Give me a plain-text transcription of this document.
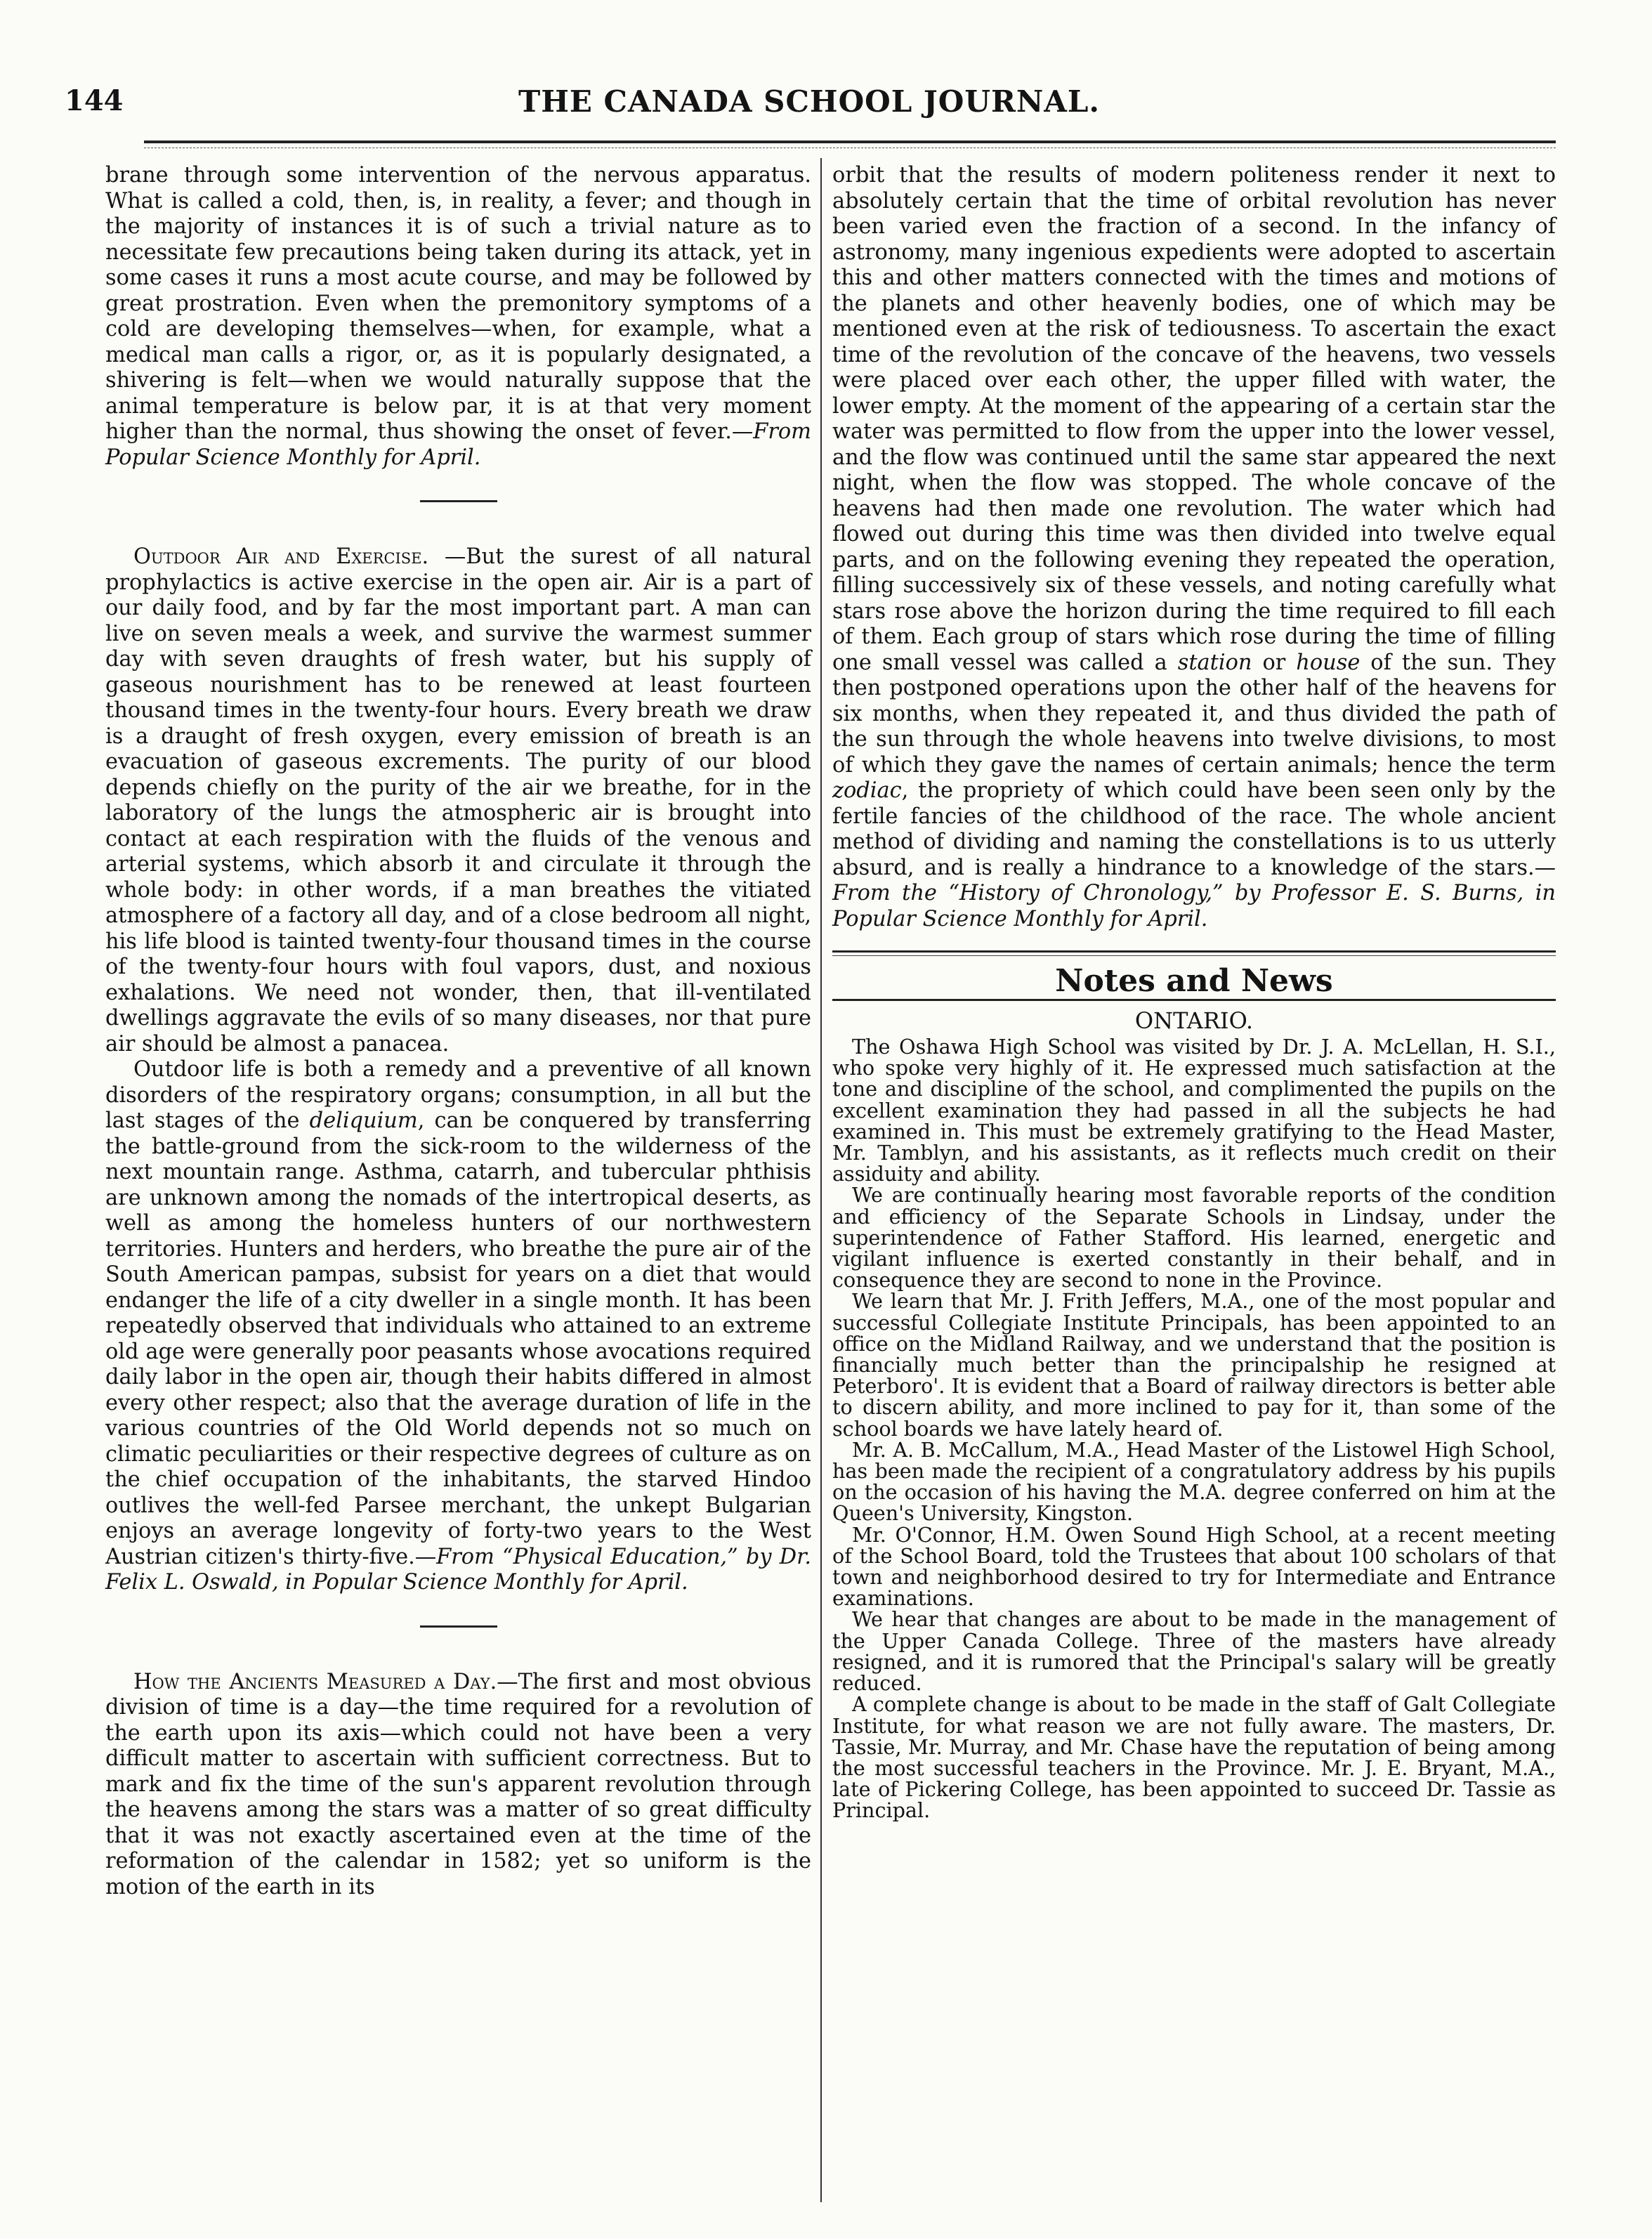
144	THE CANADA SCHOOL JOURNAL.

brane through some intervention of the nervous apparatus. What is called a cold, then, is, in reality, a fever; and though in the majority of instances it is of such a trivial nature as to necessitate few precautions being taken during its attack, yet in some cases it runs a most acute course, and may be followed by great prostration. Even when the premonitory symptoms of a cold are developing themselves—when, for example, what a medical man calls a rigor, or, as it is popularly designated, a shivering is felt—when we would naturally suppose that the animal temperature is below par, it is at that very moment higher than the normal, thus showing the onset of fever.—From Popular Science Monthly for April.

Outdoor Air and Exercise. —But the surest of all natural prophylactics is active exercise in the open air. Air is a part of our daily food, and by far the most important part. A man can live on seven meals a week, and survive the warmest summer day with seven draughts of fresh water, but his supply of gaseous nourishment has to be renewed at least fourteen thousand times in the twenty-four hours. Every breath we draw is a draught of fresh oxygen, every emission of breath is an evacuation of gaseous excrements. The purity of our blood depends chiefly on the purity of the air we breathe, for in the laboratory of the lungs the atmospheric air is brought into contact at each respiration with the fluids of the venous and arterial systems, which absorb it and circulate it through the whole body: in other words, if a man breathes the vitiated atmosphere of a factory all day, and of a close bedroom all night, his life blood is tainted twenty-four thousand times in the course of the twenty-four hours with foul vapors, dust, and noxious exhalations. We need not wonder, then, that ill-ventilated dwellings aggravate the evils of so many diseases, nor that pure air should be almost a panacea.

Outdoor life is both a remedy and a preventive of all known disorders of the respiratory organs; consumption, in all but the last stages of the deliquium, can be conquered by transferring the battle-ground from the sick-room to the wilderness of the next mountain range. Asthma, catarrh, and tubercular phthisis are unknown among the nomads of the intertropical deserts, as well as among the homeless hunters of our northwestern territories. Hunters and herders, who breathe the pure air of the South American pampas, subsist for years on a diet that would endanger the life of a city dweller in a single month. It has been repeatedly observed that individuals who attained to an extreme old age were generally poor peasants whose avocations required daily labor in the open air, though their habits differed in almost every other respect; also that the average duration of life in the various countries of the Old World depends not so much on climatic peculiarities or their respective degrees of culture as on the chief occupation of the inhabitants, the starved Hindoo outlives the well-fed Parsee merchant, the unkept Bulgarian enjoys an average longevity of forty-two years to the West Austrian citizen's thirty-five.—From “Physical Education,” by Dr. Felix L. Oswald, in Popular Science Monthly for April.

How the Ancients Measured a Day.—The first and most obvious division of time is a day—the time required for a revolution of the earth upon its axis—which could not have been a very difficult matter to ascertain with sufficient correctness. But to mark and fix the time of the sun's apparent revolution through the heavens among the stars was a matter of so great difficulty that it was not exactly ascertained even at the time of the reformation of the calendar in 1582; yet so uniform is the motion of the earth in its

orbit that the results of modern politeness render it next to absolutely certain that the time of orbital revolution has never been varied even the fraction of a second. In the infancy of astronomy, many ingenious expedients were adopted to ascertain this and other matters connected with the times and motions of the planets and other heavenly bodies, one of which may be mentioned even at the risk of tediousness. To ascertain the exact time of the revolution of the concave of the heavens, two vessels were placed over each other, the upper filled with water, the lower empty. At the moment of the appearing of a certain star the water was permitted to flow from the upper into the lower vessel, and the flow was continued until the same star appeared the next night, when the flow was stopped. The whole concave of the heavens had then made one revolution. The water which had flowed out during this time was then divided into twelve equal parts, and on the following evening they repeated the operation, filling successively six of these vessels, and noting carefully what stars rose above the horizon during the time required to fill each of them. Each group of stars which rose during the time of filling one small vessel was called a station or house of the sun. They then postponed operations upon the other half of the heavens for six months, when they repeated it, and thus divided the path of the sun through the whole heavens into twelve divisions, to most of which they gave the names of certain animals; hence the term zodiac, the propriety of which could have been seen only by the fertile fancies of the childhood of the race. The whole ancient method of dividing and naming the constellations is to us utterly absurd, and is really a hindrance to a knowledge of the stars.—From the “History of Chronology,” by Professor E. S. Burns, in Popular Science Monthly for April.

Notes and News
ONTARIO.

The Oshawa High School was visited by Dr. J. A. McLellan, H. S.I., who spoke very highly of it. He expressed much satisfaction at the tone and discipline of the school, and complimented the pupils on the excellent examination they had passed in all the subjects he had examined in. This must be extremely gratifying to the Head Master, Mr. Tamblyn, and his assistants, as it reflects much credit on their assiduity and ability.

We are continually hearing most favorable reports of the condition and efficiency of the Separate Schools in Lindsay, under the superintendence of Father Stafford. His learned, energetic and vigilant influence is exerted constantly in their behalf, and in consequence they are second to none in the Province.

We learn that Mr. J. Frith Jeffers, M.A., one of the most popular and successful Collegiate Institute Principals, has been appointed to an office on the Midland Railway, and we understand that the position is financially much better than the principalship he resigned at Peterboro'. It is evident that a Board of railway directors is better able to discern ability, and more inclined to pay for it, than some of the school boards we have lately heard of.

Mr. A. B. McCallum, M.A., Head Master of the Listowel High School, has been made the recipient of a congratulatory address by his pupils on the occasion of his having the M.A. degree conferred on him at the Queen's University, Kingston.

Mr. O'Connor, H.M. Owen Sound High School, at a recent meeting of the School Board, told the Trustees that about 100 scholars of that town and neighborhood desired to try for Intermediate and Entrance examinations.

We hear that changes are about to be made in the management of the Upper Canada College. Three of the masters have already resigned, and it is rumored that the Principal's salary will be greatly reduced.

A complete change is about to be made in the staff of Galt Collegiate Institute, for what reason we are not fully aware. The masters, Dr. Tassie, Mr. Murray, and Mr. Chase have the reputation of being among the most successful teachers in the Province. Mr. J. E. Bryant, M.A., late of Pickering College, has been appointed to succeed Dr. Tassie as Principal.
